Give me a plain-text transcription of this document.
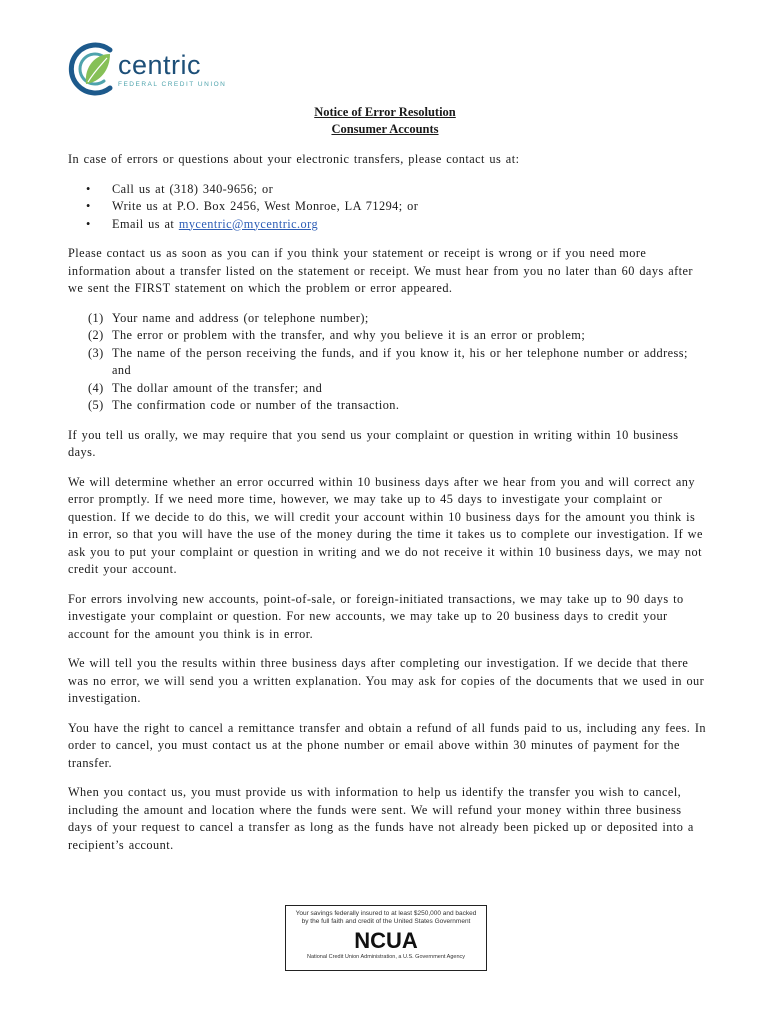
centric
FEDERAL CREDIT UNION
Notice of Error Resolution
Consumer Accounts

In case of errors or questions about your electronic transfers, please contact us at:

• Call us at (318) 340-9656; or
• Write us at P.O. Box 2456, West Monroe, LA 71294; or
• Email us at mycentric@mycentric.org

Please contact us as soon as you can if you think your statement or receipt is wrong or if you need more information about a transfer listed on the statement or receipt. We must hear from you no later than 60 days after we sent the FIRST statement on which the problem or error appeared.

(1) Your name and address (or telephone number);
(2) The error or problem with the transfer, and why you believe it is an error or problem;
(3) The name of the person receiving the funds, and if you know it, his or her telephone number or address; and
(4) The dollar amount of the transfer; and
(5) The confirmation code or number of the transaction.

If you tell us orally, we may require that you send us your complaint or question in writing within 10 business days.

We will determine whether an error occurred within 10 business days after we hear from you and will correct any error promptly. If we need more time, however, we may take up to 45 days to investigate your complaint or question. If we decide to do this, we will credit your account within 10 business days for the amount you think is in error, so that you will have the use of the money during the time it takes us to complete our investigation. If we ask you to put your complaint or question in writing and we do not receive it within 10 business days, we may not credit your account.

For errors involving new accounts, point-of-sale, or foreign-initiated transactions, we may take up to 90 days to investigate your complaint or question. For new accounts, we may take up to 20 business days to credit your account for the amount you think is in error.

We will tell you the results within three business days after completing our investigation. If we decide that there was no error, we will send you a written explanation. You may ask for copies of the documents that we used in our investigation.

You have the right to cancel a remittance transfer and obtain a refund of all funds paid to us, including any fees. In order to cancel, you must contact us at the phone number or email above within 30 minutes of payment for the transfer.

When you contact us, you must provide us with information to help us identify the transfer you wish to cancel, including the amount and location where the funds were sent. We will refund your money within three business days of your request to cancel a transfer as long as the funds have not already been picked up or deposited into a recipient’s account.

Your savings federally insured to at least $250,000 and backed
by the full faith and credit of the United States Government
NCUA
National Credit Union Administration, a U.S. Government Agency
